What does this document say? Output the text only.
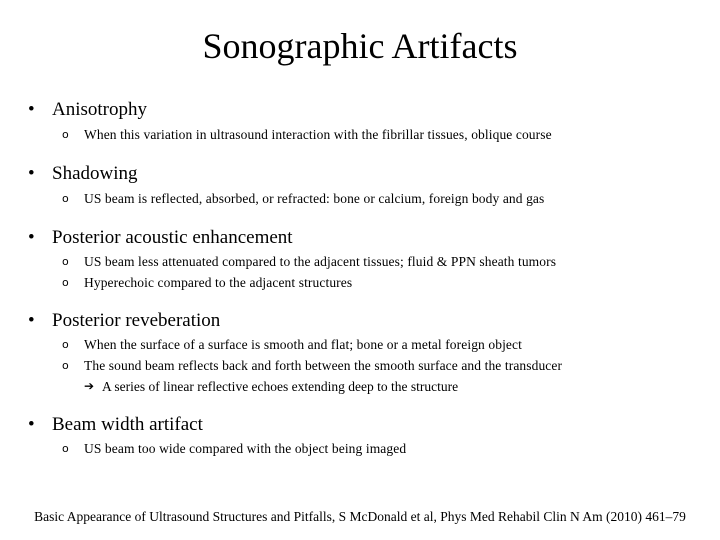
Sonographic Artifacts
• Anisotrophy
o When this variation in ultrasound interaction with the fibrillar tissues, oblique course
• Shadowing
o US beam is reflected, absorbed, or refracted: bone or calcium, foreign body and gas
• Posterior acoustic enhancement
o US beam less attenuated compared to the adjacent tissues; fluid & PPN sheath tumors
o Hyperechoic compared to the adjacent structures
• Posterior reveberation
o When the surface of a surface is smooth and flat; bone or a metal foreign object
o The sound beam reflects back and forth between the smooth surface and the transducer
➔ A series of linear reflective echoes extending deep to the structure
• Beam width artifact
o US beam too wide compared with the object being imaged
Basic Appearance of Ultrasound Structures and Pitfalls, S McDonald et al, Phys Med Rehabil Clin N Am (2010) 461–79
